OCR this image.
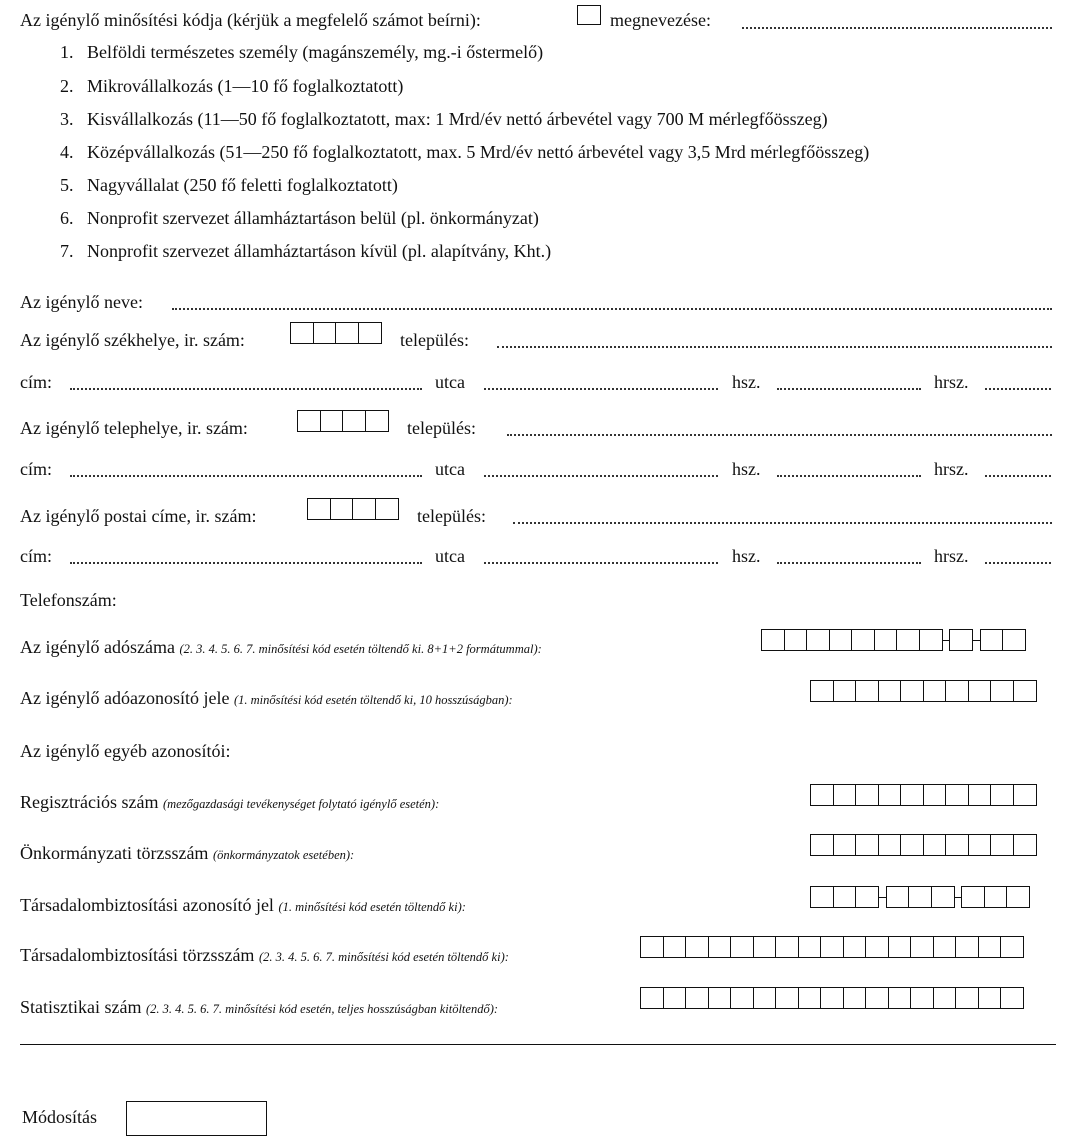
Az igénylő minősítési kódja (kérjük a megfelelő számot beírni):	megnevezése:
1. Belföldi természetes személy (magánszemély, mg.-i őstermelő)
2. Mikrovállalkozás (1—10 fő foglalkoztatott)
3. Kisvállalkozás (11—50 fő foglalkoztatott, max: 1 Mrd/év nettó árbevétel vagy 700 M mérlegfőösszeg)
4. Középvállalkozás (51—250 fő foglalkoztatott, max. 5 Mrd/év nettó árbevétel vagy 3,5 Mrd mérlegfőösszeg)
5. Nagyvállalat (250 fő feletti foglalkoztatott)
6. Nonprofit szervezet államháztartáson belül (pl. önkormányzat)
7. Nonprofit szervezet államháztartáson kívül (pl. alapítvány, Kht.)
Az igénylő neve:
Az igénylő székhelye, ir. szám:	település:
cím:	utca	hsz.	hrsz.
Az igénylő telephelye, ir. szám:	település:
cím:	utca	hsz.	hrsz.
Az igénylő postai címe, ir. szám:	település:
cím:	utca	hsz.	hrsz.
Telefonszám:
Az igénylő adószáma (2. 3. 4. 5. 6. 7. minősítési kód esetén töltendő ki. 8+1+2 formátummal):
Az igénylő adóazonosító jele (1. minősítési kód esetén töltendő ki, 10 hosszúságban):
Az igénylő egyéb azonosítói:
Regisztrációs szám (mezőgazdasági tevékenységet folytató igénylő esetén):
Önkormányzati törzsszám (önkormányzatok esetében):
Társadalombiztosítási azonosító jel (1. minősítési kód esetén töltendő ki):
Társadalombiztosítási törzsszám (2. 3. 4. 5. 6. 7. minősítési kód esetén töltendő ki):
Statisztikai szám (2. 3. 4. 5. 6. 7. minősítési kód esetén, teljes hosszúságban kitöltendő):
Módosítás
